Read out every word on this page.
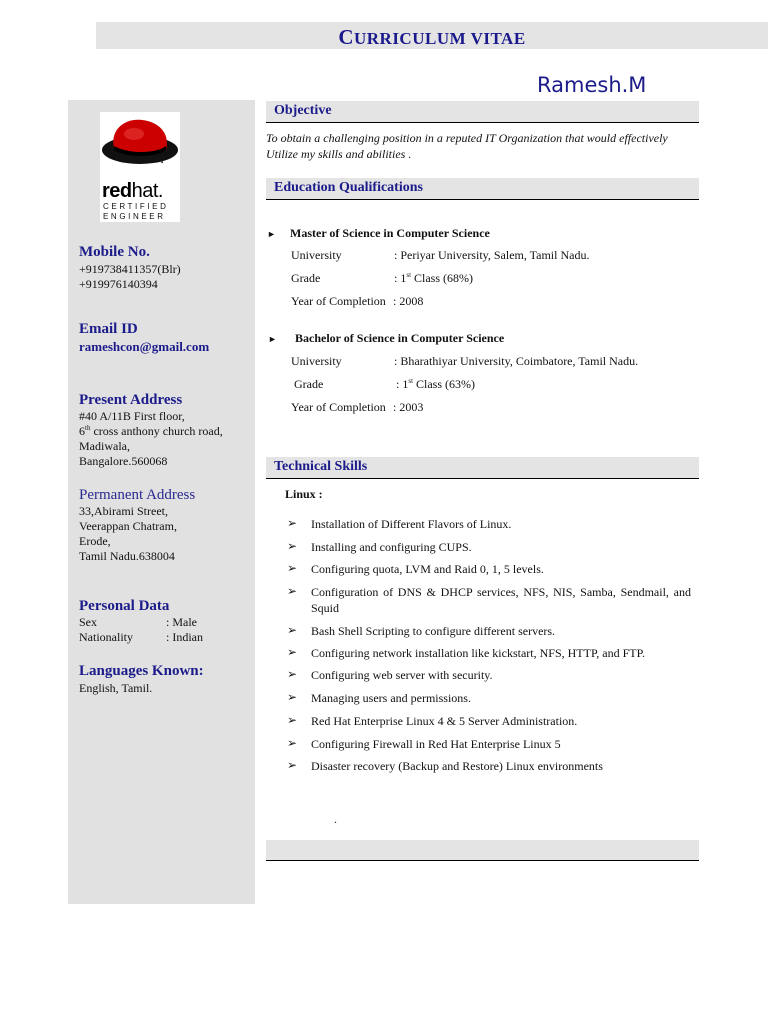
CURRICULUM VITAE
Ramesh.M
redhat.
CERTIFIED
ENGINEER
Mobile No.
+919738411357(Blr)
+919976140394
Email ID
rameshcon@gmail.com
Present Address
#40 A/11B First floor,
6th cross anthony church road,
Madiwala,
Bangalore.560068
Permanent Address
33,Abirami Street,
Veerappan Chatram,
Erode,
Tamil Nadu.638004
Personal Data
Sex	: Male
Nationality	: Indian
Languages Known:
English, Tamil.
Objective
To obtain a challenging position in a reputed IT Organization that would effectively
Utilize my skills and abilities .
Education Qualifications
► Master of Science in Computer Science
University	: Periyar University, Salem, Tamil Nadu.
Grade	: 1st Class (68%)
Year of Completion : 2008
► Bachelor of Science in Computer Science
University	: Bharathiyar University, Coimbatore, Tamil Nadu.
Grade	: 1st Class (63%)
Year of Completion : 2003
Technical Skills
Linux :
➢ Installation of Different Flavors of Linux.
➢ Installing and configuring CUPS.
➢ Configuring quota, LVM and Raid 0, 1, 5 levels.
➢ Configuration of DNS & DHCP services, NFS, NIS, Samba, Sendmail, and Squid
➢ Bash Shell Scripting to configure different servers.
➢ Configuring network installation like kickstart, NFS, HTTP, and FTP.
➢ Configuring web server with security.
➢ Managing users and permissions.
➢ Red Hat Enterprise Linux 4 & 5 Server Administration.
➢ Configuring Firewall in Red Hat Enterprise Linux 5
➢ Disaster recovery (Backup and Restore) Linux environments
.
